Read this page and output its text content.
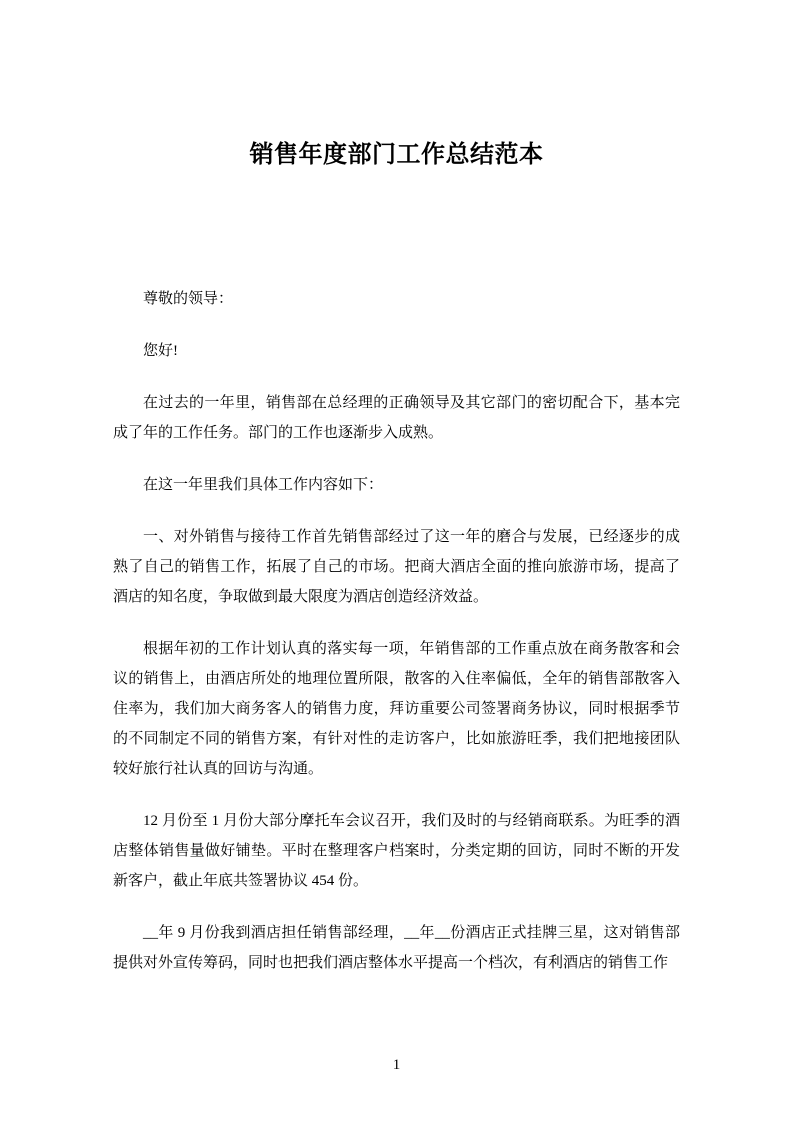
销售年度部门工作总结范本

尊敬的领导：

您好!

在过去的一年里，销售部在总经理的正确领导及其它部门的密切配合下，基本完成了年的工作任务。部门的工作也逐渐步入成熟。

在这一年里我们具体工作内容如下：

一、对外销售与接待工作首先销售部经过了这一年的磨合与发展，已经逐步的成熟了自己的销售工作，拓展了自己的市场。把商大酒店全面的推向旅游市场，提高了酒店的知名度，争取做到最大限度为酒店创造经济效益。

根据年初的工作计划认真的落实每一项，年销售部的工作重点放在商务散客和会议的销售上，由酒店所处的地理位置所限，散客的入住率偏低，全年的销售部散客入住率为，我们加大商务客人的销售力度，拜访重要公司签署商务协议，同时根据季节的不同制定不同的销售方案，有针对性的走访客户，比如旅游旺季，我们把地接团队较好旅行社认真的回访与沟通。

12 月份至 1 月份大部分摩托车会议召开，我们及时的与经销商联系。为旺季的酒店整体销售量做好铺垫。平时在整理客户档案时，分类定期的回访，同时不断的开发新客户，截止年底共签署协议 454 份。

__年 9 月份我到酒店担任销售部经理，__年__份酒店正式挂牌三星，这对销售部提供对外宣传筹码，同时也把我们酒店整体水平提高一个档次，有利酒店的销售工作

1
